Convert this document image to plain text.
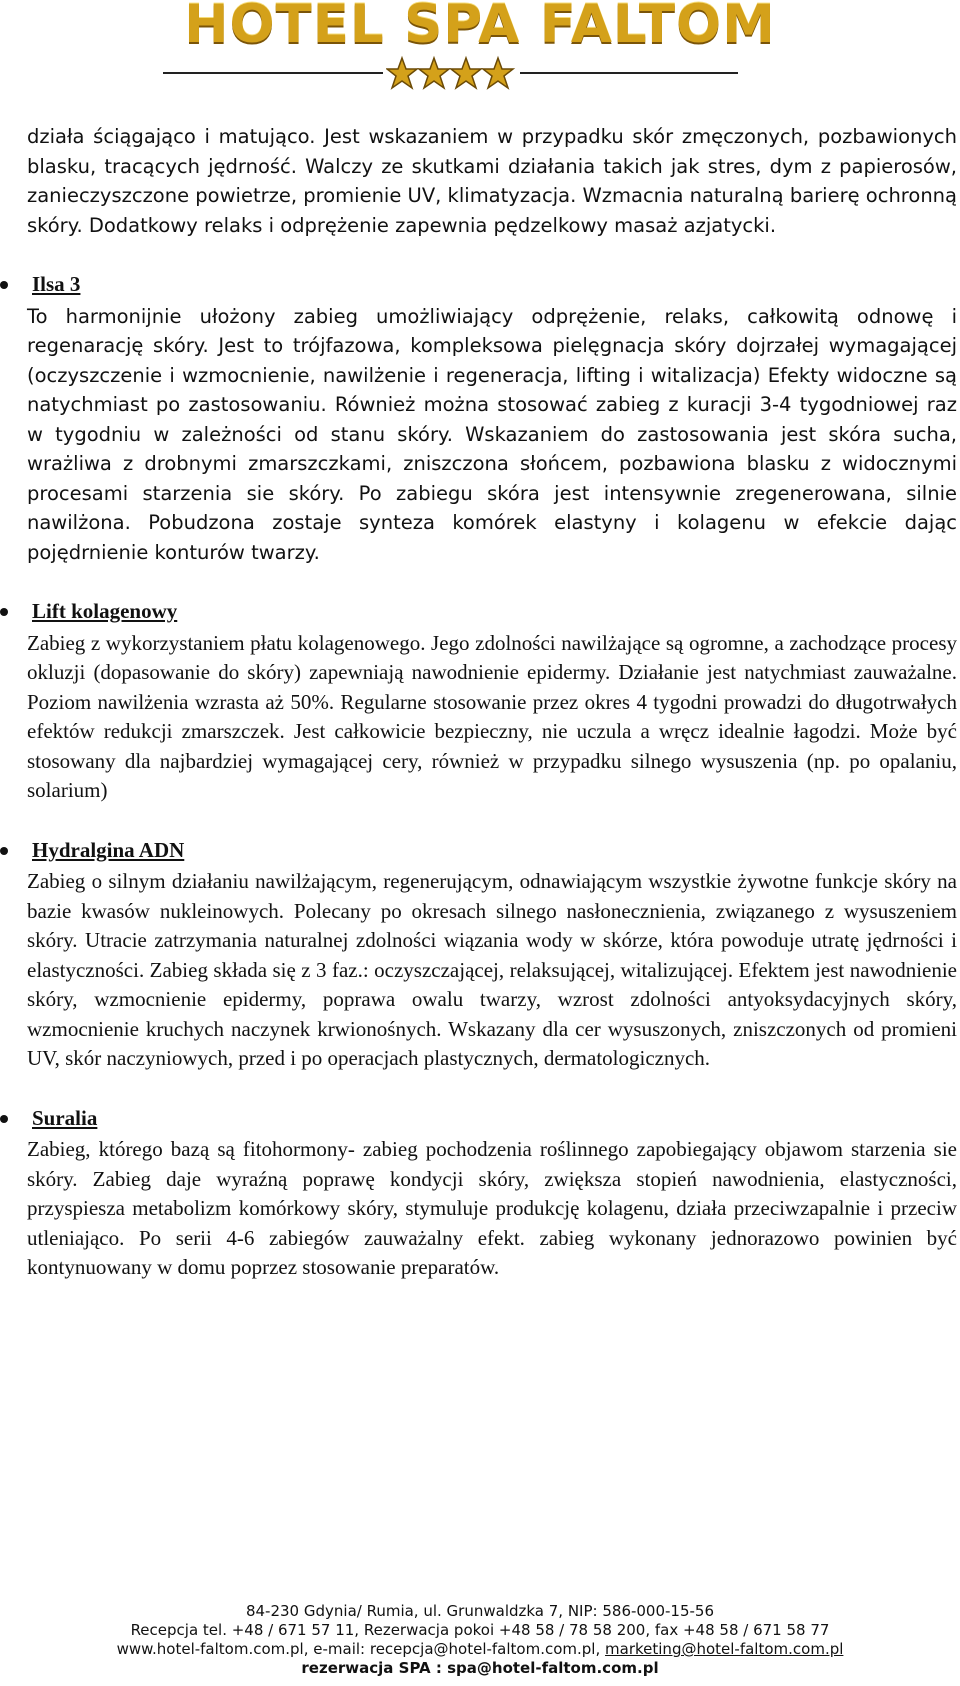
HOTEL SPA FALTOM

działa ściągająco i matująco. Jest wskazaniem w przypadku skór zmęczonych, pozbawionych blasku, tracących jędrność. Walczy ze skutkami działania takich jak stres, dym z papierosów, zanieczyszczone powietrze, promienie UV, klimatyzacja. Wzmacnia naturalną barierę ochronną skóry. Dodatkowy relaks i odprężenie zapewnia pędzelkowy masaż azjatycki.

Ilsa 3

To harmonijnie ułożony zabieg umożliwiający odprężenie, relaks, całkowitą odnowę i regenarację skóry. Jest to trójfazowa, kompleksowa pielęgnacja skóry dojrzałej wymagającej (oczyszczenie i wzmocnienie, nawilżenie i regeneracja, lifting i witalizacja) Efekty widoczne są natychmiast po zastosowaniu. Również można stosować zabieg z kuracji 3-4 tygodniowej raz w tygodniu w zależności od stanu skóry. Wskazaniem do zastosowania jest skóra sucha, wrażliwa z drobnymi zmarszczkami, zniszczona słońcem, pozbawiona blasku z widocznymi procesami starzenia sie skóry. Po zabiegu skóra jest intensywnie zregenerowana, silnie nawilżona. Pobudzona zostaje synteza komórek elastyny i kolagenu w efekcie dając pojędrnienie konturów twarzy.

Lift kolagenowy

Zabieg z wykorzystaniem płatu kolagenowego. Jego zdolności nawilżające są ogromne, a zachodzące procesy okluzji (dopasowanie do skóry) zapewniają nawodnienie epidermy. Działanie jest natychmiast zauważalne. Poziom nawilżenia wzrasta aż 50%. Regularne stosowanie przez okres 4 tygodni prowadzi do długotrwałych efektów redukcji zmarszczek. Jest całkowicie bezpieczny, nie uczula a wręcz idealnie łagodzi. Może być stosowany dla najbardziej wymagającej cery, również w przypadku silnego wysuszenia (np. po opalaniu, solarium)

Hydralgina ADN

Zabieg o silnym działaniu nawilżającym, regenerującym, odnawiającym wszystkie żywotne funkcje skóry na bazie kwasów nukleinowych. Polecany po okresach silnego nasłonecznienia, związanego z wysuszeniem skóry. Utracie zatrzymania naturalnej zdolności wiązania wody w skórze, która powoduje utratę jędrności i elastyczności. Zabieg składa się z 3 faz.: oczyszczającej, relaksującej, witalizującej. Efektem jest nawodnienie skóry, wzmocnienie epidermy, poprawa owalu twarzy, wzrost zdolności antyoksydacyjnych skóry, wzmocnienie kruchych naczynek krwionośnych. Wskazany dla cer wysuszonych, zniszczonych od promieni UV, skór naczyniowych, przed i po operacjach plastycznych, dermatologicznych.

Suralia

Zabieg, którego bazą są fitohormony- zabieg pochodzenia roślinnego zapobiegający objawom starzenia sie skóry. Zabieg daje wyraźną poprawę kondycji skóry, zwiększa stopień nawodnienia, elastyczności, przyspiesza metabolizm komórkowy skóry, stymuluje produkcję kolagenu, działa przeciwzapalnie i przeciw utleniająco. Po serii 4-6 zabiegów zauważalny efekt. zabieg wykonany jednorazowo powinien być kontynuowany w domu poprzez stosowanie preparatów.

84-230 Gdynia/ Rumia, ul. Grunwaldzka 7, NIP: 586-000-15-56
Recepcja tel. +48 / 671 57 11, Rezerwacja pokoi +48 58 / 78 58 200, fax +48 58 / 671 58 77
www.hotel-faltom.com.pl, e-mail: recepcja@hotel-faltom.com.pl, marketing@hotel-faltom.com.pl
rezerwacja SPA : spa@hotel-faltom.com.pl
